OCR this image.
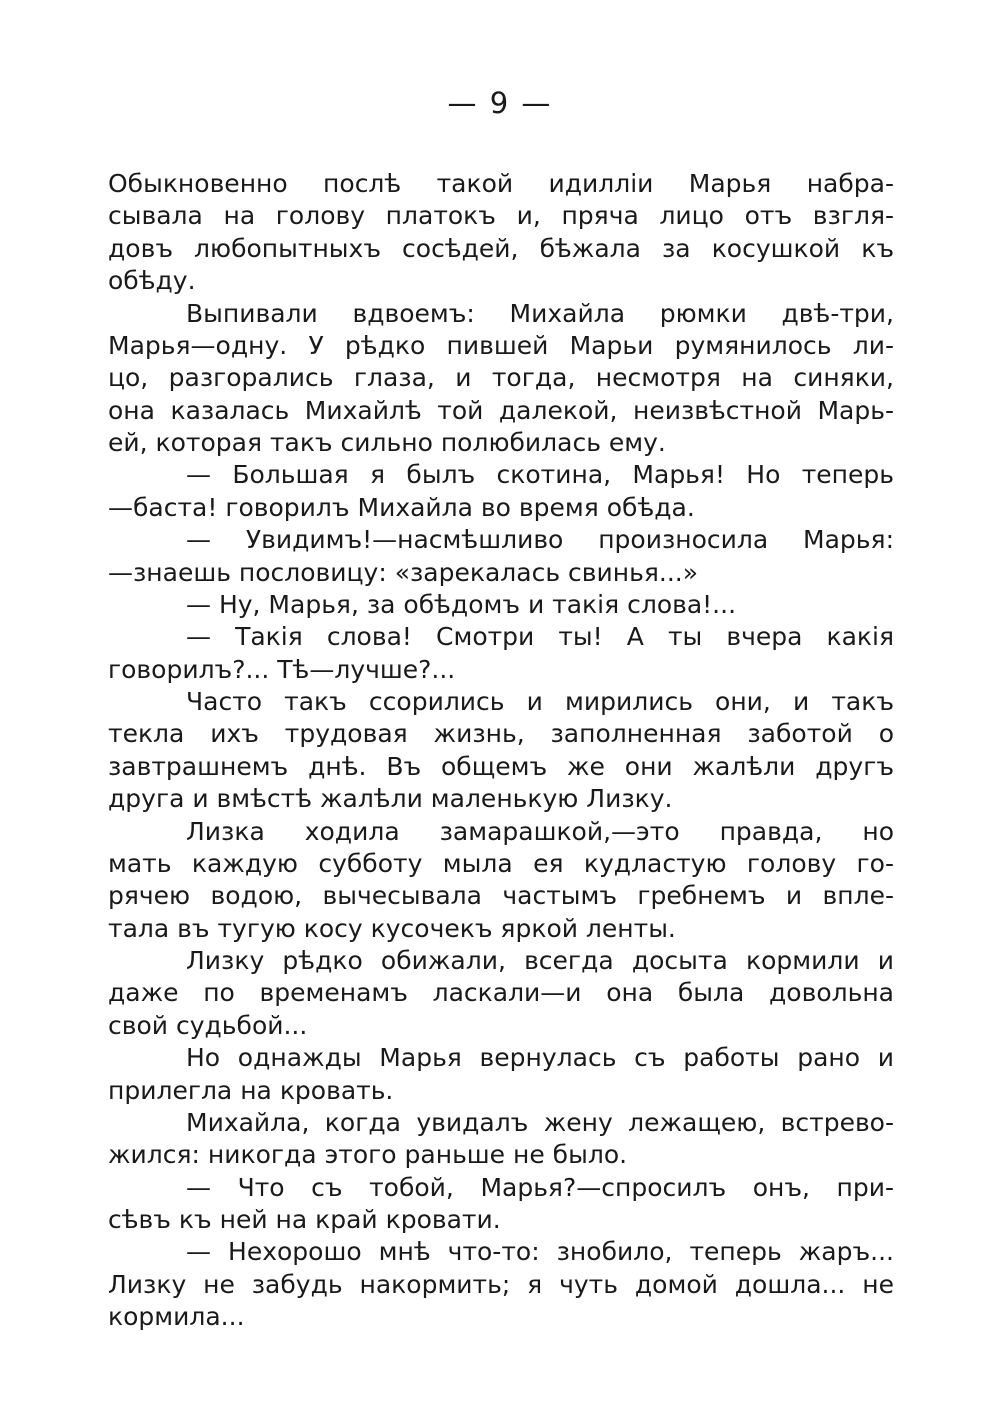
— 9 —
Обыкновенно послѣ такой идилліи Марья набра-
сывала на голову платокъ и, пряча лицо отъ взгля-
довъ любопытныхъ сосѣдей, бѣжала за косушкой къ
обѣду.
Выпивали вдвоемъ: Михайла рюмки двѣ-три,
Марья—одну. У рѣдко пившей Марьи румянилось ли-
цо, разгорались глаза, и тогда, несмотря на синяки,
она казалась Михайлѣ той далекой, неизвѣстной Марь-
ей, которая такъ сильно полюбилась ему.
— Большая я былъ скотина, Марья! Но теперь
—баста! говорилъ Михайла во время обѣда.
— Увидимъ!—насмѣшливо произносила Марья:
—знаешь пословицу: «зарекалась свинья...»
— Ну, Марья, за обѣдомъ и такія слова!...
— Такія слова! Смотри ты! А ты вчера какія
говорилъ?... Тѣ—лучше?...
Часто такъ ссорились и мирились они, и такъ
текла ихъ трудовая жизнь, заполненная заботой о
завтрашнемъ днѣ. Въ общемъ же они жалѣли другъ
друга и вмѣстѣ жалѣли маленькую Лизку.
Лизка ходила замарашкой,—это правда, но
мать каждую субботу мыла ея кудластую голову го-
рячею водою, вычесывала частымъ гребнемъ и впле-
тала въ тугую косу кусочекъ яркой ленты.
Лизку рѣдко обижали, всегда досыта кормили и
даже по временамъ ласкали—и она была довольна
свой судьбой...
Но однажды Марья вернулась съ работы рано и
прилегла на кровать.
Михайла, когда увидалъ жену лежащею, встрево-
жился: никогда этого раньше не было.
— Что съ тобой, Марья?—спросилъ онъ, при-
сѣвъ къ ней на край кровати.
— Нехорошо мнѣ что-то: знобило, теперь жаръ...
Лизку не забудь накормить; я чуть домой дошла... не
кормила...
